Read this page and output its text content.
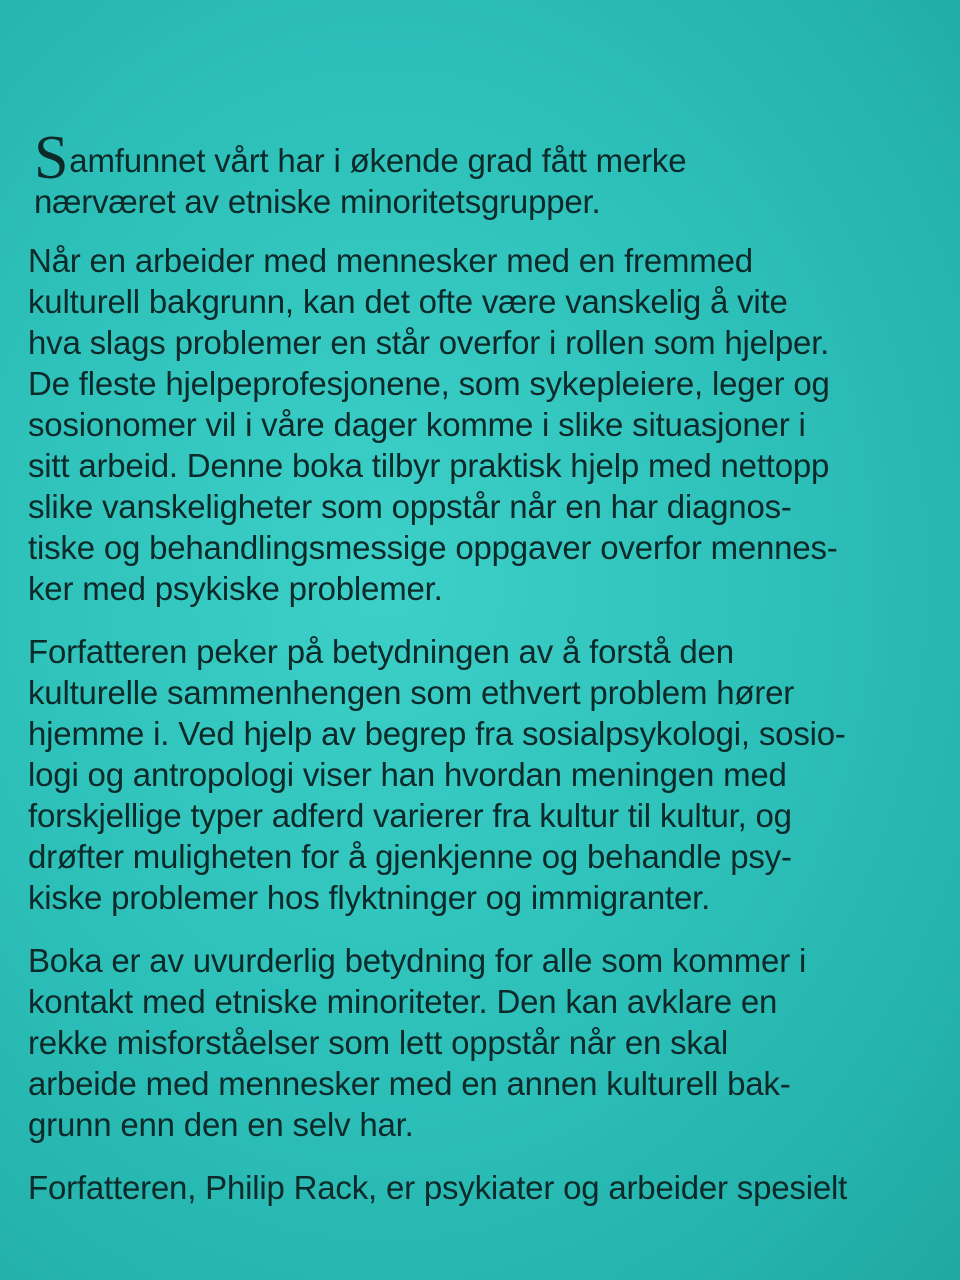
Samfunnet vårt har i økende grad fått merke
nærværet av etniske minoritetsgrupper.

Når en arbeider med mennesker med en fremmed
kulturell bakgrunn, kan det ofte være vanskelig å vite
hva slags problemer en står overfor i rollen som hjelper.
De fleste hjelpeprofesjonene, som sykepleiere, leger og
sosionomer vil i våre dager komme i slike situasjoner i
sitt arbeid. Denne boka tilbyr praktisk hjelp med nettopp
slike vanskeligheter som oppstår når en har diagnos-
tiske og behandlingsmessige oppgaver overfor mennes-
ker med psykiske problemer.

Forfatteren peker på betydningen av å forstå den
kulturelle sammenhengen som ethvert problem hører
hjemme i. Ved hjelp av begrep fra sosialpsykologi, sosio-
logi og antropologi viser han hvordan meningen med
forskjellige typer adferd varierer fra kultur til kultur, og
drøfter muligheten for å gjenkjenne og behandle psy-
kiske problemer hos flyktninger og immigranter.

Boka er av uvurderlig betydning for alle som kommer i
kontakt med etniske minoriteter. Den kan avklare en
rekke misforståelser som lett oppstår når en skal
arbeide med mennesker med en annen kulturell bak-
grunn enn den en selv har.

Forfatteren, Philip Rack, er psykiater og arbeider spesielt
